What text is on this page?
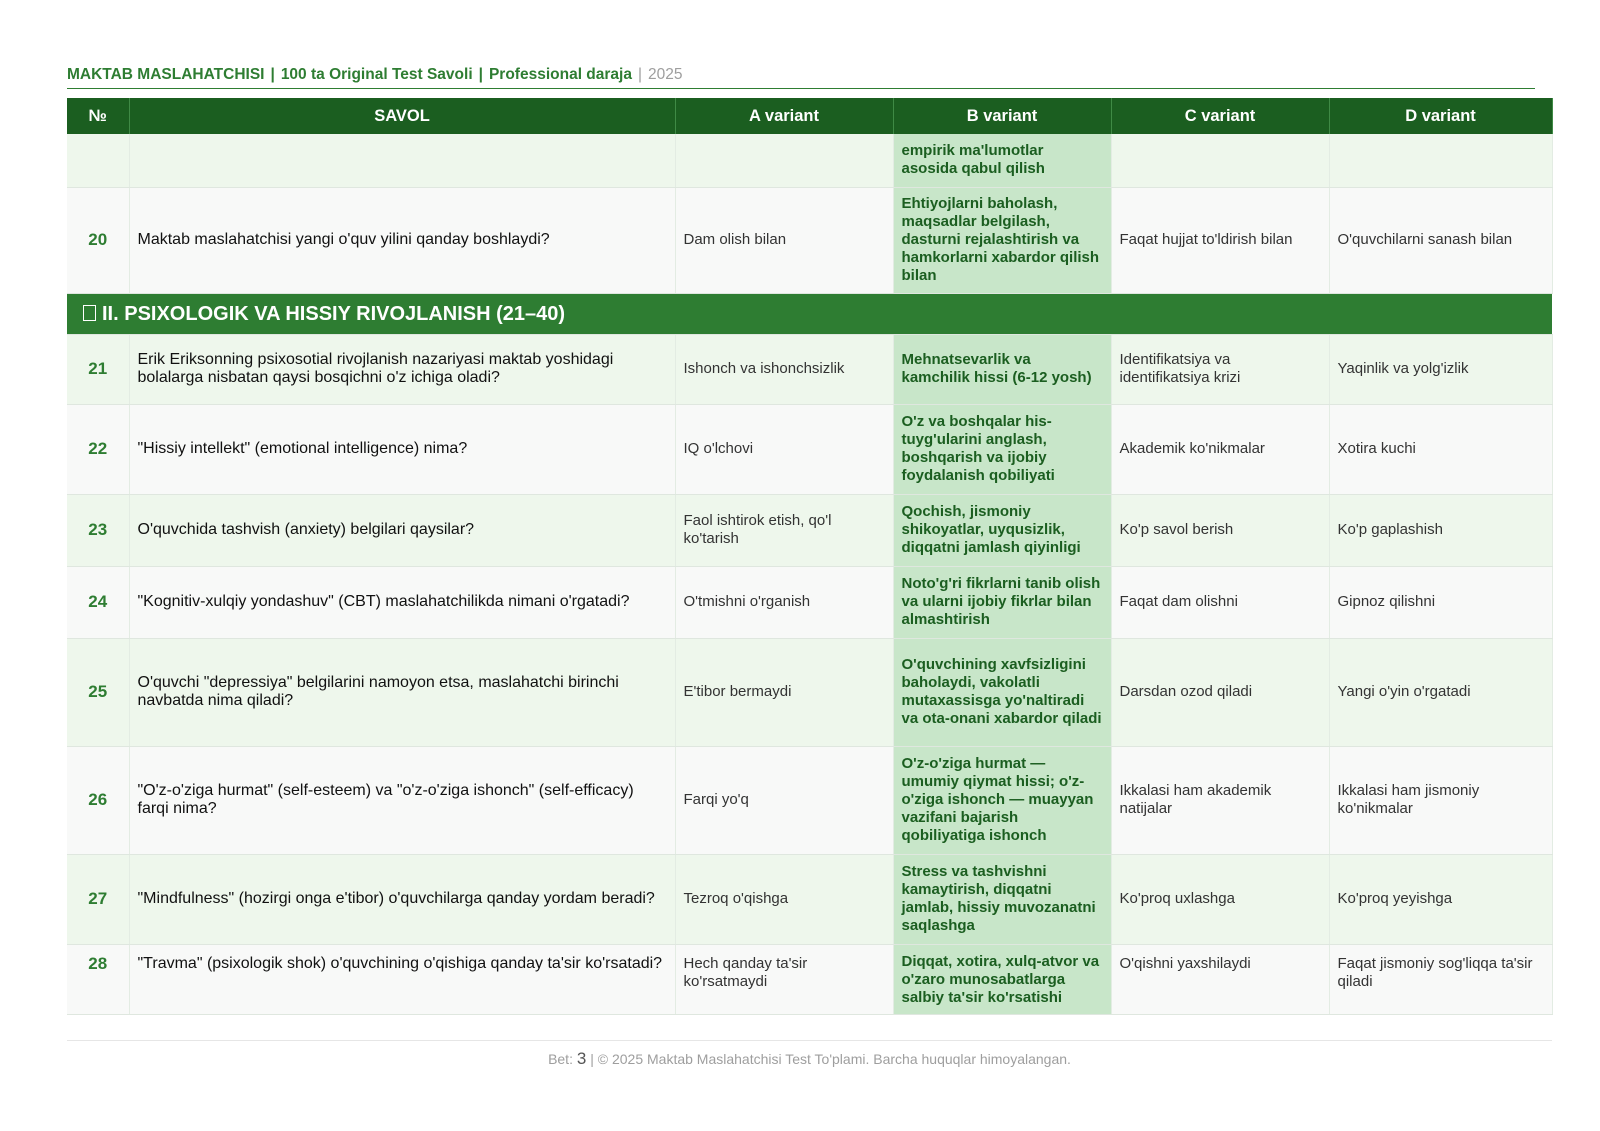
MAKTAB MASLAHATCHISI | 100 ta Original Test Savoli | Professional daraja | 2025
№	SAVOL	A variant	B variant	C variant	D variant
			empirik ma'lumotlar asosida qabul qilish		
20	Maktab maslahatchisi yangi o'quv yilini qanday boshlaydi?	Dam olish bilan	Ehtiyojlarni baholash, maqsadlar belgilash, dasturni rejalashtirish va hamkorlarni xabardor qilish bilan	Faqat hujjat to'ldirish bilan	O'quvchilarni sanash bilan
II. PSIXOLOGIK VA HISSIY RIVOJLANISH (21–40)					
21	Erik Eriksonning psixosotial rivojlanish nazariyasi maktab yoshidagi bolalarga nisbatan qaysi bosqichni o'z ichiga oladi?	Ishonch va ishonchsizlik	Mehnatsevarlik va kamchilik hissi (6-12 yosh)	Identifikatsiya va identifikatsiya krizi	Yaqinlik va yolg'izlik
22	"Hissiy intellekt" (emotional intelligence) nima?	IQ o'lchovi	O'z va boshqalar his-tuyg'ularini anglash, boshqarish va ijobiy foydalanish qobiliyati	Akademik ko'nikmalar	Xotira kuchi
23	O'quvchida tashvish (anxiety) belgilari qaysilar?	Faol ishtirok etish, qo'l ko'tarish	Qochish, jismoniy shikoyatlar, uyqusizlik, diqqatni jamlash qiyinligi	Ko'p savol berish	Ko'p gaplashish
24	"Kognitiv-xulqiy yondashuv" (CBT) maslahatchilikda nimani o'rgatadi?	O'tmishni o'rganish	Noto'g'ri fikrlarni tanib olish va ularni ijobiy fikrlar bilan almashtirish	Faqat dam olishni	Gipnoz qilishni
25	O'quvchi "depressiya" belgilarini namoyon etsa, maslahatchi birinchi navbatda nima qiladi?	E'tibor bermaydi	O'quvchining xavfsizligini baholaydi, vakolatli mutaxassisga yo'naltiradi va ota-onani xabardor qiladi	Darsdan ozod qiladi	Yangi o'yin o'rgatadi
26	"O'z-o'ziga hurmat" (self-esteem) va "o'z-o'ziga ishonch" (self-efficacy) farqi nima?	Farqi yo'q	O'z-o'ziga hurmat — umumiy qiymat hissi; o'z-o'ziga ishonch — muayyan vazifani bajarish qobiliyatiga ishonch	Ikkalasi ham akademik natijalar	Ikkalasi ham jismoniy ko'nikmalar
27	"Mindfulness" (hozirgi onga e'tibor) o'quvchilarga qanday yordam beradi?	Tezroq o'qishga	Stress va tashvishni kamaytirish, diqqatni jamlab, hissiy muvozanatni saqlashga	Ko'proq uxlashga	Ko'proq yeyishga
28	"Travma" (psixologik shok) o'quvchining o'qishiga qanday ta'sir ko'rsatadi?	Hech qanday ta'sir ko'rsatmaydi	Diqqat, xotira, xulq-atvor va o'zaro munosabatlarga salbiy ta'sir ko'rsatishi	O'qishni yaxshilaydi	Faqat jismoniy sog'liqqa ta'sir qiladi
Bet: 3 | © 2025 Maktab Maslahatchisi Test To'plami. Barcha huquqlar himoyalangan.
